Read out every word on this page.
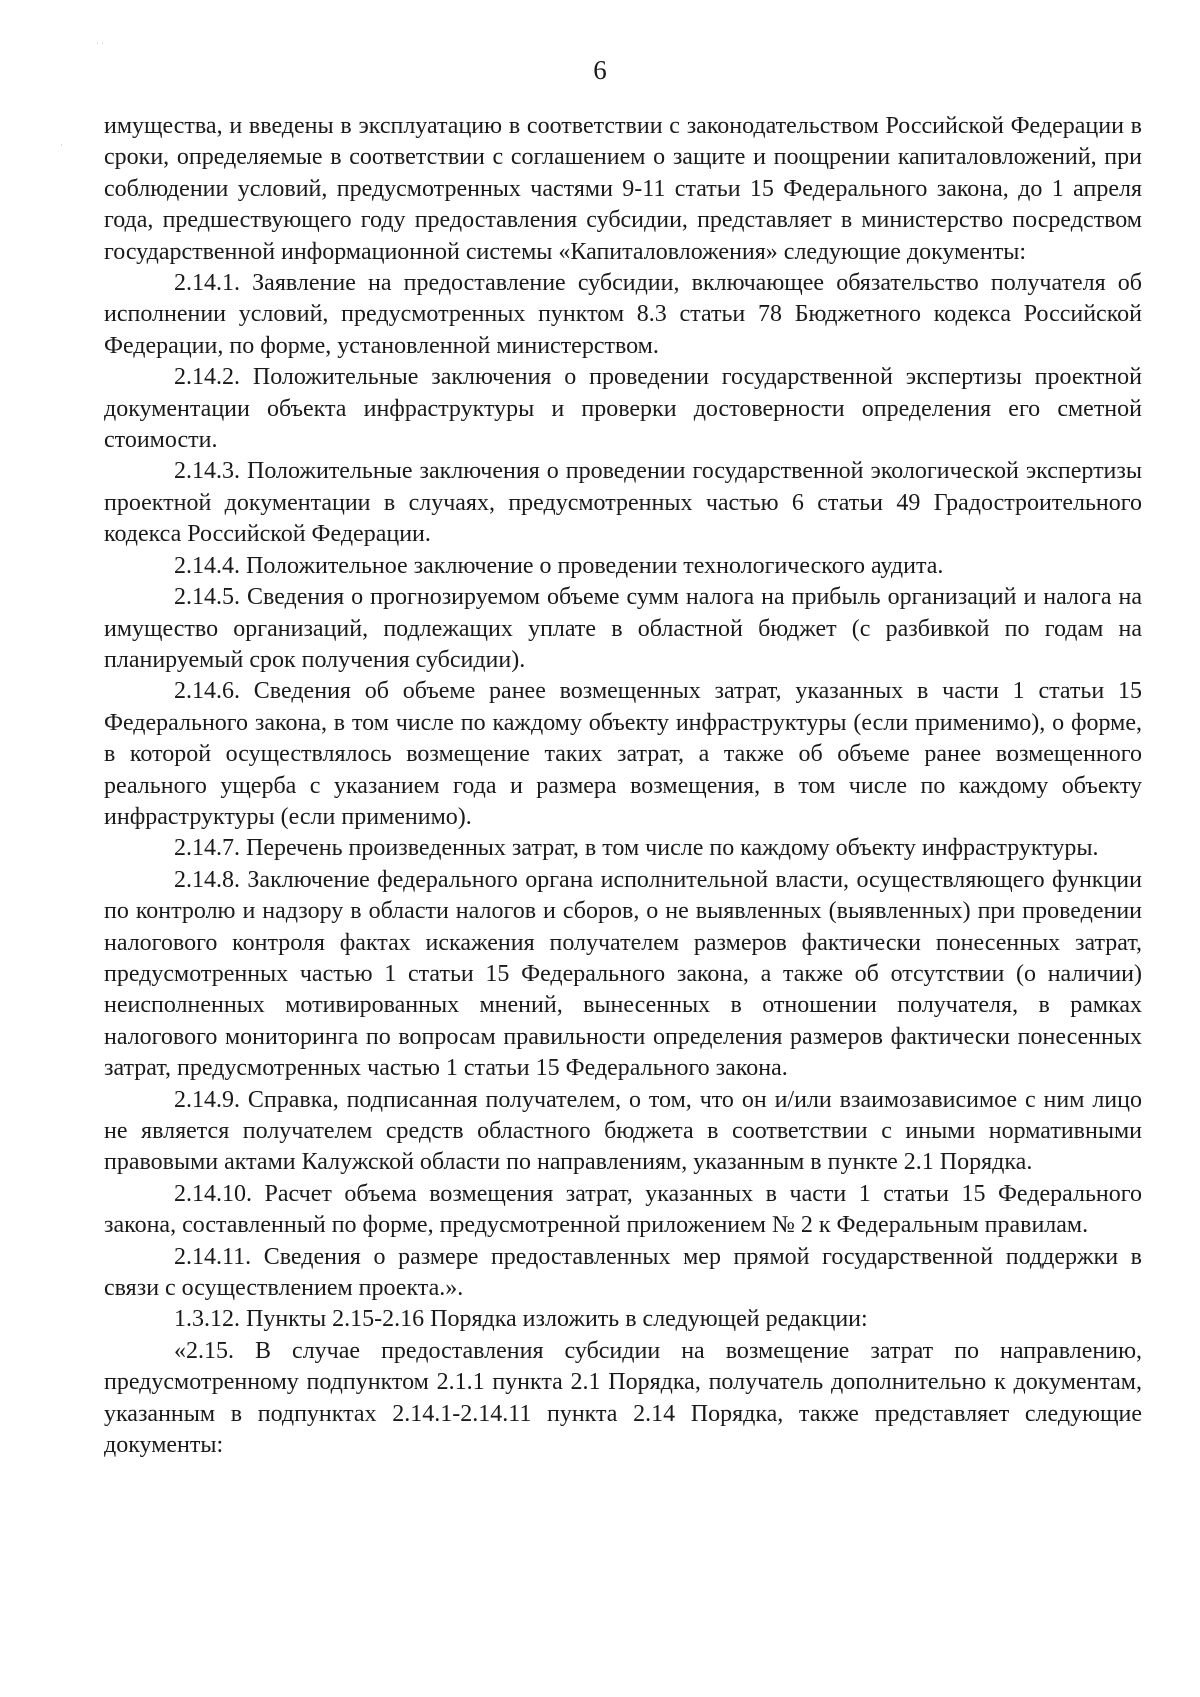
· ·
·
6

имущества, и введены в эксплуатацию в соответствии с законодательством Российской Федерации в сроки, определяемые в соответствии с соглашением о защите и поощрении капиталовложений, при соблюдении условий, предусмотренных частями 9-11 статьи 15 Федерального закона, до 1 апреля года, предшествующего году предоставления субсидии, представляет в министерство посредством государственной информационной системы «Капиталовложения» следующие документы:

2.14.1. Заявление на предоставление субсидии, включающее обязательство получателя об исполнении условий, предусмотренных пунктом 8.3 статьи 78 Бюджетного кодекса Российской Федерации, по форме, установленной министерством.

2.14.2. Положительные заключения о проведении государственной экспертизы проектной документации объекта инфраструктуры и проверки достоверности определения его сметной стоимости.

2.14.3. Положительные заключения о проведении государственной экологической экспертизы проектной документации в случаях, предусмотренных частью 6 статьи 49 Градостроительного кодекса Российской Федерации.

2.14.4. Положительное заключение о проведении технологического аудита.

2.14.5. Сведения о прогнозируемом объеме сумм налога на прибыль организаций и налога на имущество организаций, подлежащих уплате в областной бюджет (с разбивкой по годам на планируемый срок получения субсидии).

2.14.6. Сведения об объеме ранее возмещенных затрат, указанных в части 1 статьи 15 Федерального закона, в том числе по каждому объекту инфраструктуры (если применимо), о форме, в которой осуществлялось возмещение таких затрат, а также об объеме ранее возмещенного реального ущерба с указанием года и размера возмещения, в том числе по каждому объекту инфраструктуры (если применимо).

2.14.7. Перечень произведенных затрат, в том числе по каждому объекту инфраструктуры.

2.14.8. Заключение федерального органа исполнительной власти, осуществляющего функции по контролю и надзору в области налогов и сборов, о не выявленных (выявленных) при проведении налогового контроля фактах искажения получателем размеров фактически понесенных затрат, предусмотренных частью 1 статьи 15 Федерального закона, а также об отсутствии (о наличии) неисполненных мотивированных мнений, вынесенных в отношении получателя, в рамках налогового мониторинга по вопросам правильности определения размеров фактически понесенных затрат, предусмотренных частью 1 статьи 15 Федерального закона.

2.14.9. Справка, подписанная получателем, о том, что он и/или взаимозависимое с ним лицо не является получателем средств областного бюджета в соответствии с иными нормативными правовыми актами Калужской области по направлениям, указанным в пункте 2.1 Порядка.

2.14.10. Расчет объема возмещения затрат, указанных в части 1 статьи 15 Федерального закона, составленный по форме, предусмотренной приложением № 2 к Федеральным правилам.

2.14.11. Сведения о размере предоставленных мер прямой государственной поддержки в связи с осуществлением проекта.».

1.3.12. Пункты 2.15-2.16 Порядка изложить в следующей редакции:

«2.15. В случае предоставления субсидии на возмещение затрат по направлению, предусмотренному подпунктом 2.1.1 пункта 2.1 Порядка, получатель дополнительно к документам, указанным в подпунктах 2.14.1-2.14.11 пункта 2.14 Порядка, также представляет следующие документы:
